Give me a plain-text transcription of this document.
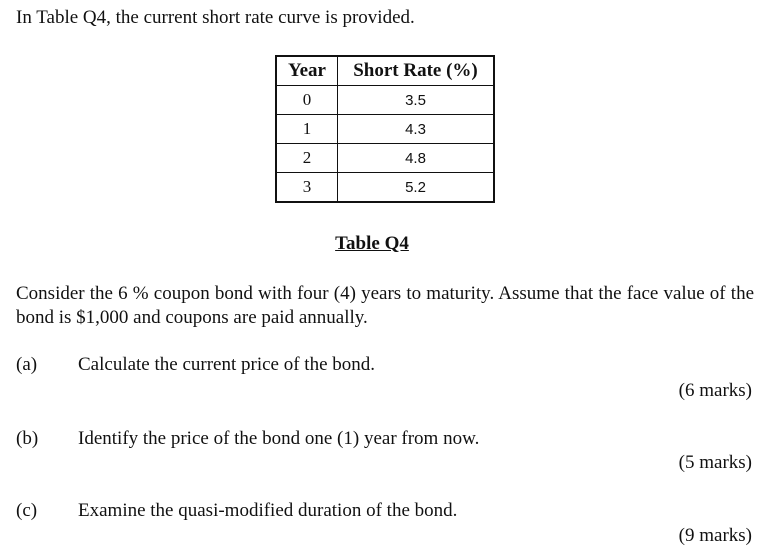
In Table Q4, the current short rate curve is provided.
Year	Short Rate (%)
0	3.5
1	4.3
2	4.8
3	5.2
Table Q4
Consider the 6 % coupon bond with four (4) years to maturity. Assume that the face value of the bond is $1,000 and coupons are paid annually.
(a) Calculate the current price of the bond.
(6 marks)
(b) Identify the price of the bond one (1) year from now.
(5 marks)
(c) Examine the quasi-modified duration of the bond.
(9 marks)
